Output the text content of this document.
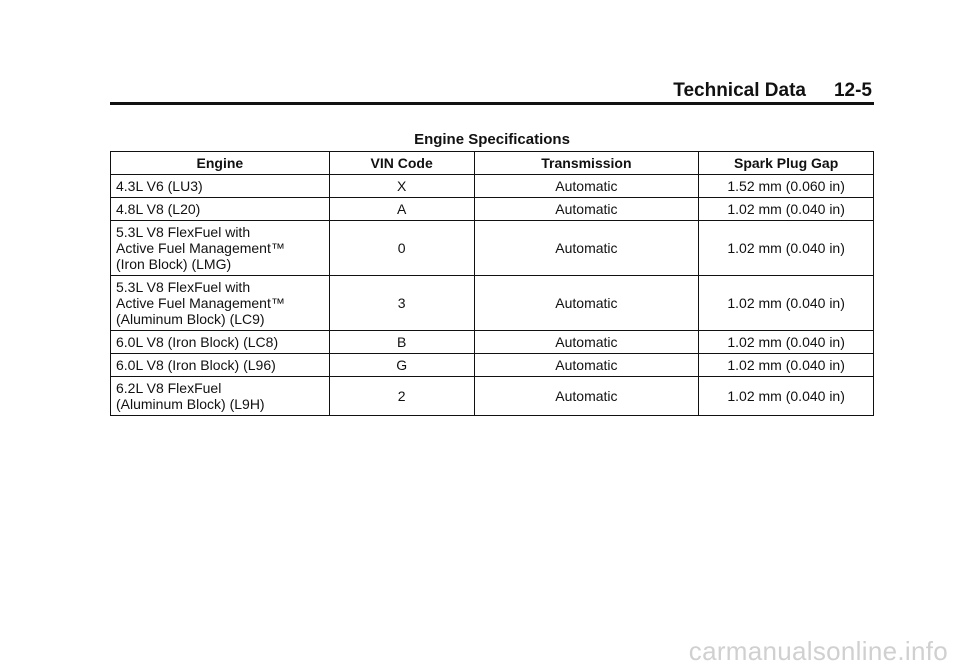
Technical Data 12-5
Engine Specifications
Engine	VIN Code	Transmission	Spark Plug Gap
4.3L V6 (LU3)	X	Automatic	1.52 mm (0.060 in)
4.8L V8 (L20)	A	Automatic	1.02 mm (0.040 in)
5.3L V8 FlexFuel with
Active Fuel Management™
(Iron Block) (LMG)	0	Automatic	1.02 mm (0.040 in)
5.3L V8 FlexFuel with
Active Fuel Management™
(Aluminum Block) (LC9)	3	Automatic	1.02 mm (0.040 in)
6.0L V8 (Iron Block) (LC8)	B	Automatic	1.02 mm (0.040 in)
6.0L V8 (Iron Block) (L96)	G	Automatic	1.02 mm (0.040 in)
6.2L V8 FlexFuel
(Aluminum Block) (L9H)	2	Automatic	1.02 mm (0.040 in)
carmanualsonline.info
